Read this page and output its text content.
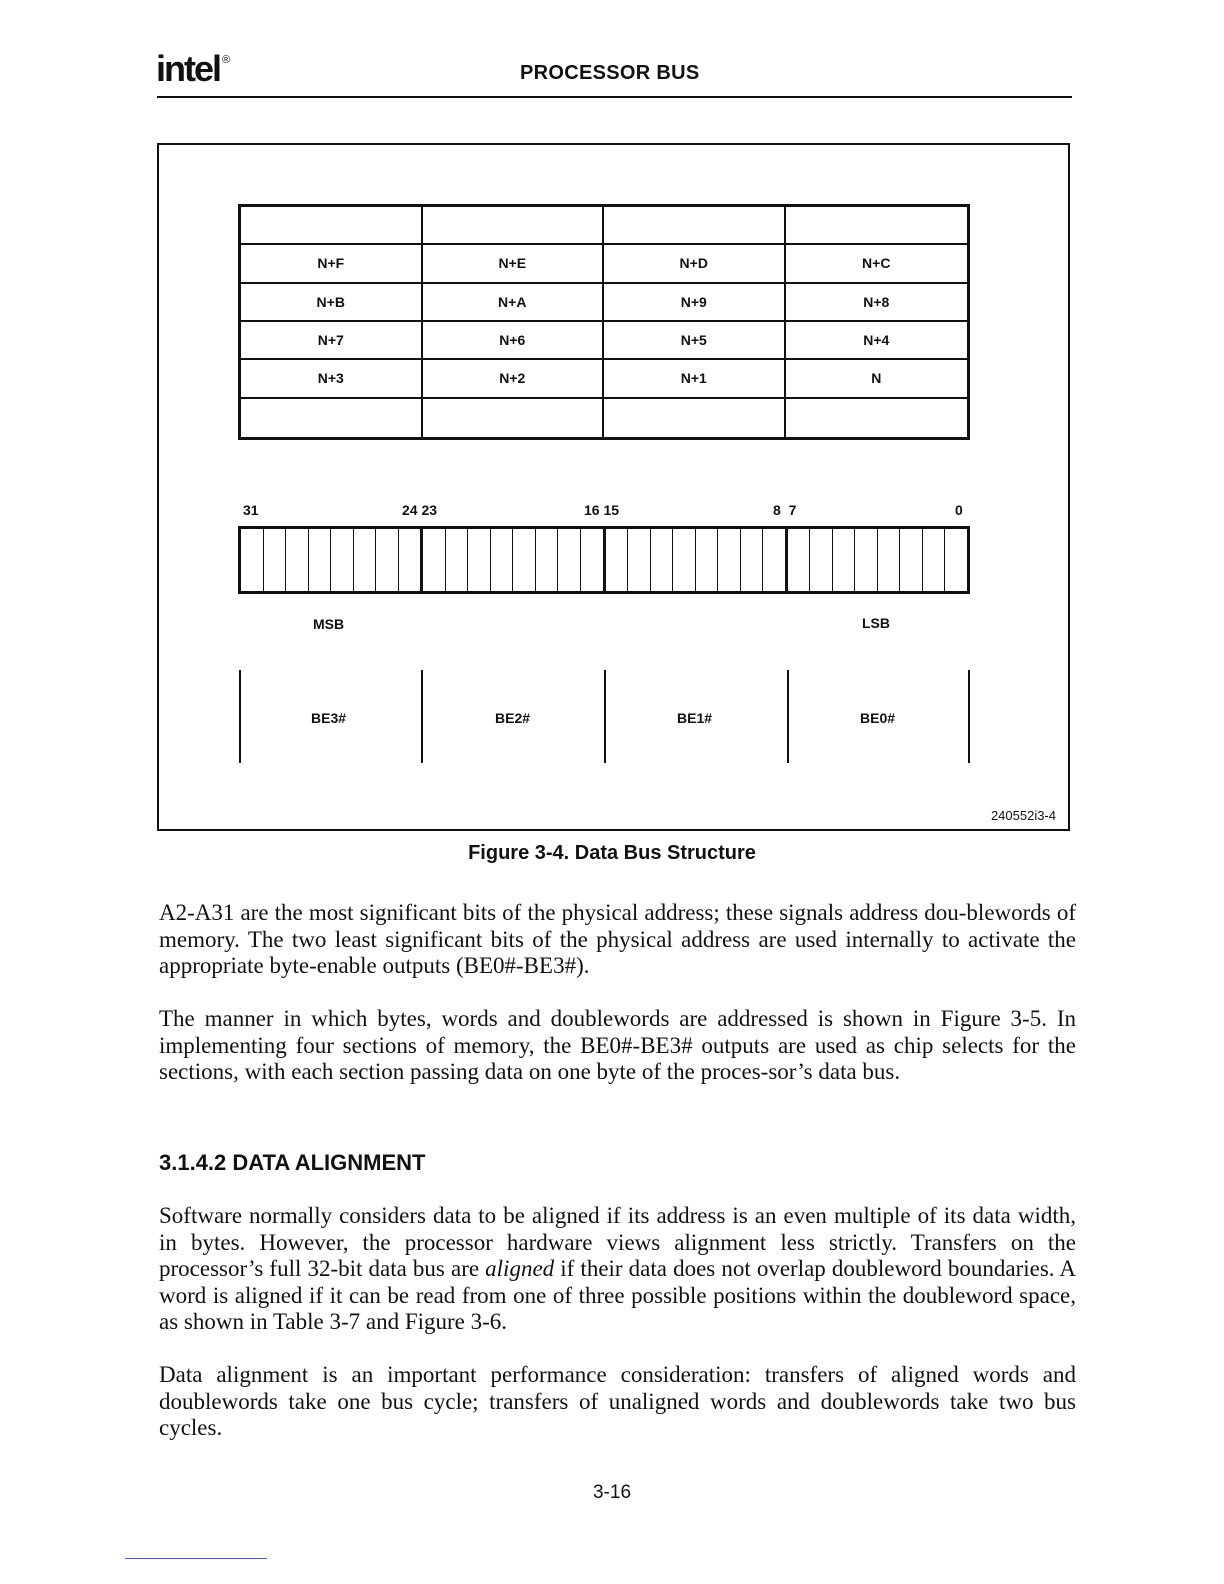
intel ®
PROCESSOR BUS
240552i3-4
N+F	N+E	N+D	N+C
N+B	N+A	N+9	N+8
N+7	N+6	N+5	N+4
N+3	N+2	N+1	N
31	24 23	16 15	8  7	0
MSB	LSB
BE3#	BE2#	BE1#	BE0#
Figure 3-4. Data Bus Structure

A2-A31 are the most significant bits of the physical address; these signals address dou-blewords of memory. The two least significant bits of the physical address are used internally to activate the appropriate byte-enable outputs (BE0#-BE3#).

The manner in which bytes, words and doublewords are addressed is shown in Figure 3-5. In implementing four sections of memory, the BE0#-BE3# outputs are used as chip selects for the sections, with each section passing data on one byte of the proces-sor’s data bus.

3.1.4.2 DATA ALIGNMENT

Software normally considers data to be aligned if its address is an even multiple of its data width, in bytes. However, the processor hardware views alignment less strictly. Transfers on the processor’s full 32-bit data bus are aligned if their data does not overlap doubleword boundaries. A word is aligned if it can be read from one of three possible positions within the doubleword space, as shown in Table 3-7 and Figure 3-6.

Data alignment is an important performance consideration: transfers of aligned words and doublewords take one bus cycle; transfers of unaligned words and doublewords take two bus cycles.

3-16
